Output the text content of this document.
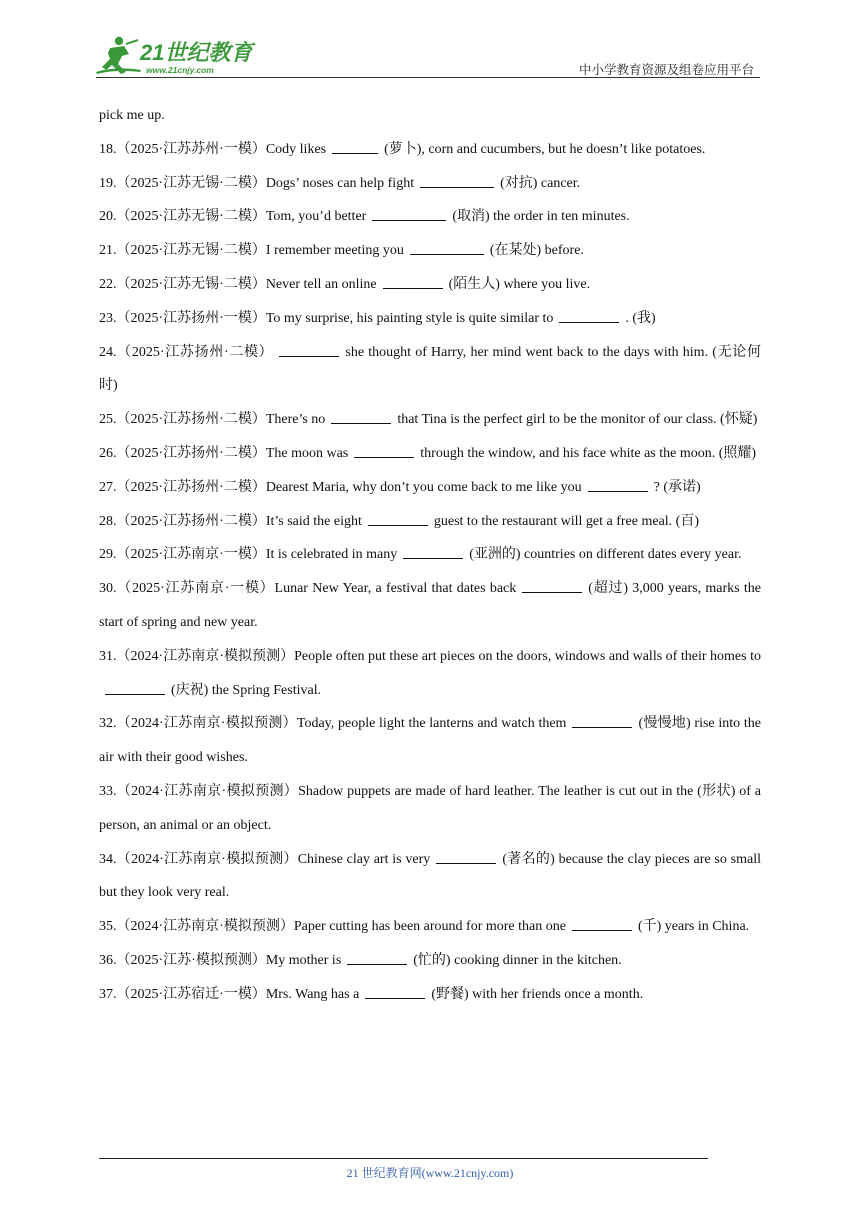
21世纪教育
www.21cnjy.com	中小学教育资源及组卷应用平台
pick me up.
18.（2025·江苏苏州·一模）Cody likes	(萝卜), corn and cucumbers, but he doesn’t like potatoes.
19.（2025·江苏无锡·二模）Dogs’ noses can help fight	(对抗) cancer.
20.（2025·江苏无锡·二模）Tom, you’d better	(取消) the order in ten minutes.
21.（2025·江苏无锡·二模）I remember meeting you	(在某处) before.
22.（2025·江苏无锡·二模）Never tell an online	(陌生人) where you live.
23.（2025·江苏扬州·一模）To my surprise, his painting style is quite similar to	. (我)
24.（2025·江苏扬州·二模）	she thought of Harry, her mind went back to the days with him. (无论何时)
25.（2025·江苏扬州·二模）There’s no	that Tina is the perfect girl to be the monitor of our class. (怀疑)
26.（2025·江苏扬州·二模）The moon was	through the window, and his face white as the moon. (照耀)
27.（2025·江苏扬州·二模）Dearest Maria, why don’t you come back to me like you	? (承诺)
28.（2025·江苏扬州·二模）It’s said the eight	guest to the restaurant will get a free meal. (百)
29.（2025·江苏南京·一模）It is celebrated in many	(亚洲的) countries on different dates every year.
30.（2025·江苏南京·一模）Lunar New Year, a festival that dates back	(超过) 3,000 years, marks the start of spring and new year.
31.（2024·江苏南京·模拟预测）People often put these art pieces on the doors, windows and walls of their homes to(庆祝) the Spring Festival.
32.（2024·江苏南京·模拟预测）Today, people light the lanterns and watch them	(慢慢地) rise into the air with their good wishes.
33.（2024·江苏南京·模拟预测）Shadow puppets are made of hard leather. The leather is cut out in the (形状) of a person, an animal or an object.
34.（2024·江苏南京·模拟预测）Chinese clay art is very	(著名的) because the clay pieces are so small but they look very real.
35.（2024·江苏南京·模拟预测）Paper cutting has been around for more than one	(千) years in China.
36.（2025·江苏·模拟预测）My mother is	(忙的) cooking dinner in the kitchen.
37.（2025·江苏宿迁·一模）Mrs. Wang has a	(野餐) with her friends once a month.
21 世纪教育网(www.21cnjy.com)
